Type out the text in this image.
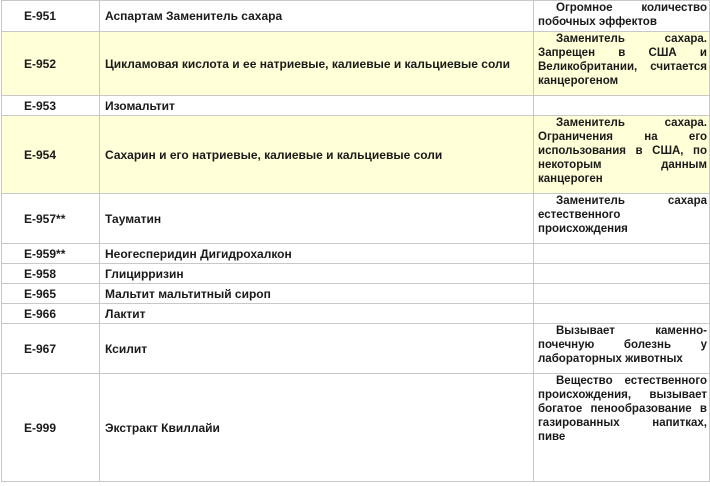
E-951	Аспартам Заменитель сахара	Огромное количество побочных эффектов
E-952	Цикламовая кислота и ее натриевые, калиевые и кальциевые соли	Заменитель сахара. Запрещен в США и Великобритании, считается канцерогеном
E-953	Изомальтит	
E-954	Сахарин и его натриевые, калиевые и кальциевые соли	Заменитель сахара. Ограничения на его использования в США, по некоторым данным канцероген
E-957**	Тауматин	Заменитель сахара естественного происхождения
E-959**	Неогесперидин Дигидрохалкон	
E-958	Глицирризин	
E-965	Мальтит мальтитный сироп	
E-966	Лактит	
E-967	Ксилит	Вызывает каменно-почечную болезнь у лабораторных животных
E-999	Экстракт Квиллайи	Вещество естественного происхождения, вызывает богатое пенообразование в газированных напитках, пиве
